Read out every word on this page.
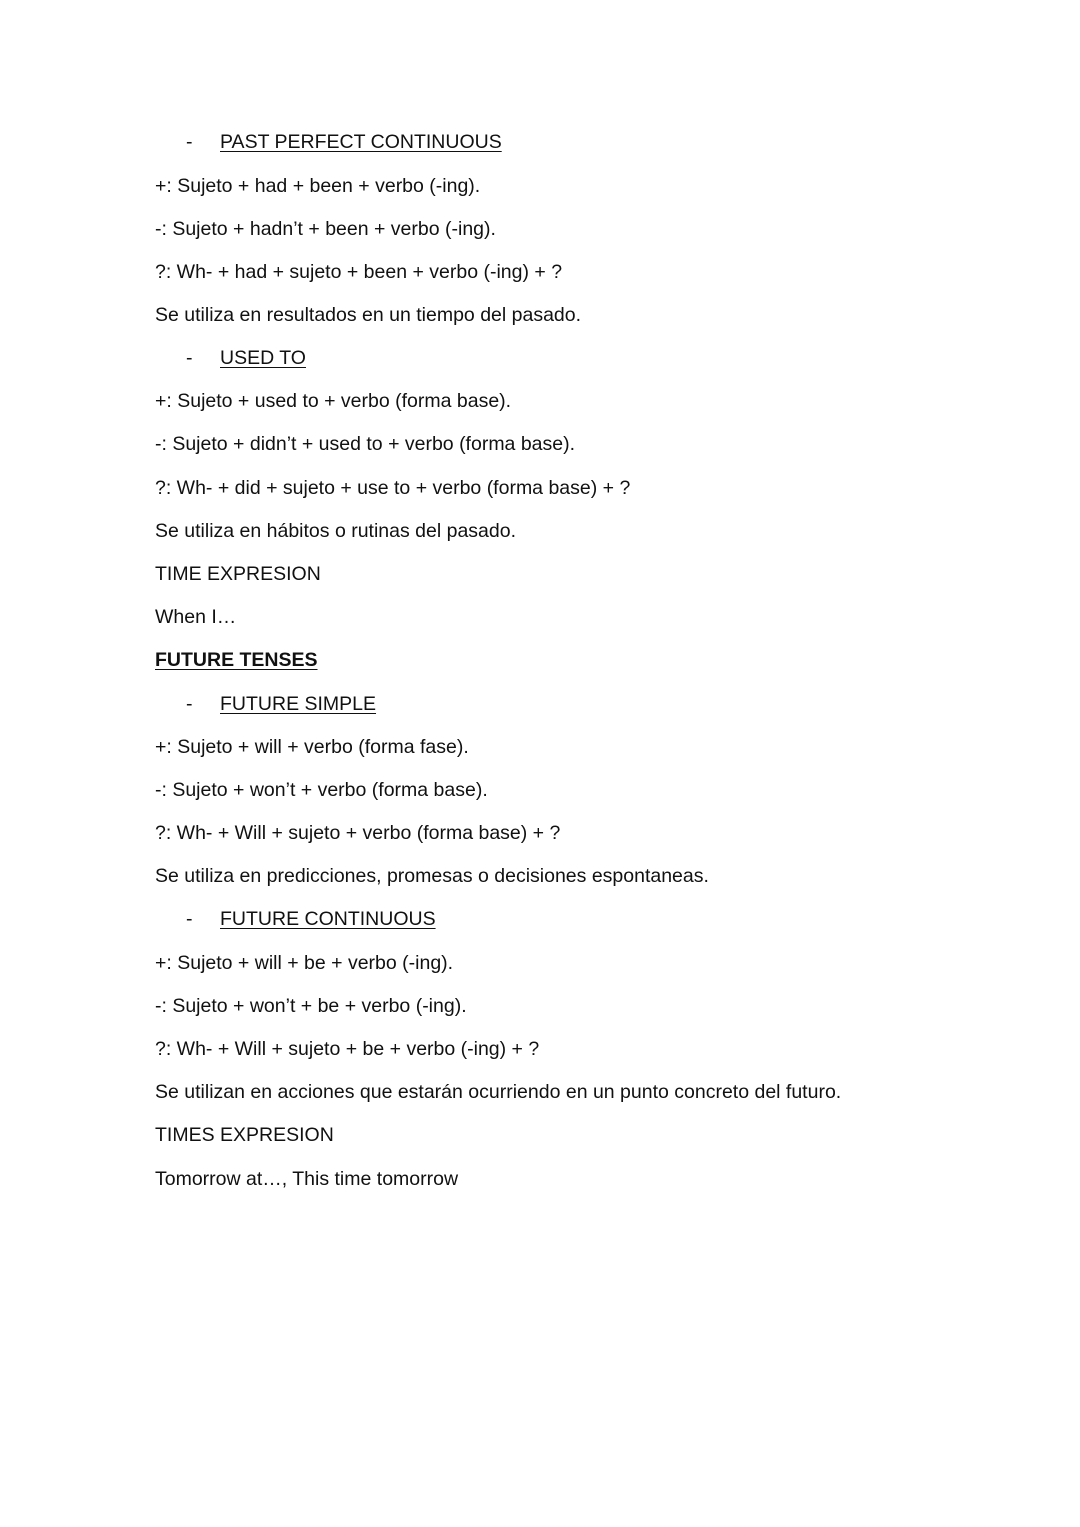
- PAST PERFECT CONTINUOUS
+: Sujeto + had + been + verbo (-ing).
-: Sujeto + hadn’t + been + verbo (-ing).
?: Wh- + had + sujeto + been + verbo (-ing) + ?
Se utiliza en resultados en un tiempo del pasado.
- USED TO
+: Sujeto + used to + verbo (forma base).
-: Sujeto + didn’t + used to + verbo (forma base).
?: Wh- + did + sujeto + use to + verbo (forma base) + ?
Se utiliza en hábitos o rutinas del pasado.
TIME EXPRESION
When I…
FUTURE TENSES
- FUTURE SIMPLE
+: Sujeto + will + verbo (forma fase).
-: Sujeto + won’t + verbo (forma base).
?: Wh- + Will + sujeto + verbo (forma base) + ?
Se utiliza en predicciones, promesas o decisiones espontaneas.
- FUTURE CONTINUOUS
+: Sujeto + will + be + verbo (-ing).
-: Sujeto + won’t + be + verbo (-ing).
?: Wh- + Will + sujeto + be + verbo (-ing) + ?
Se utilizan en acciones que estarán ocurriendo en un punto concreto del futuro.
TIMES EXPRESION
Tomorrow at…, This time tomorrow
